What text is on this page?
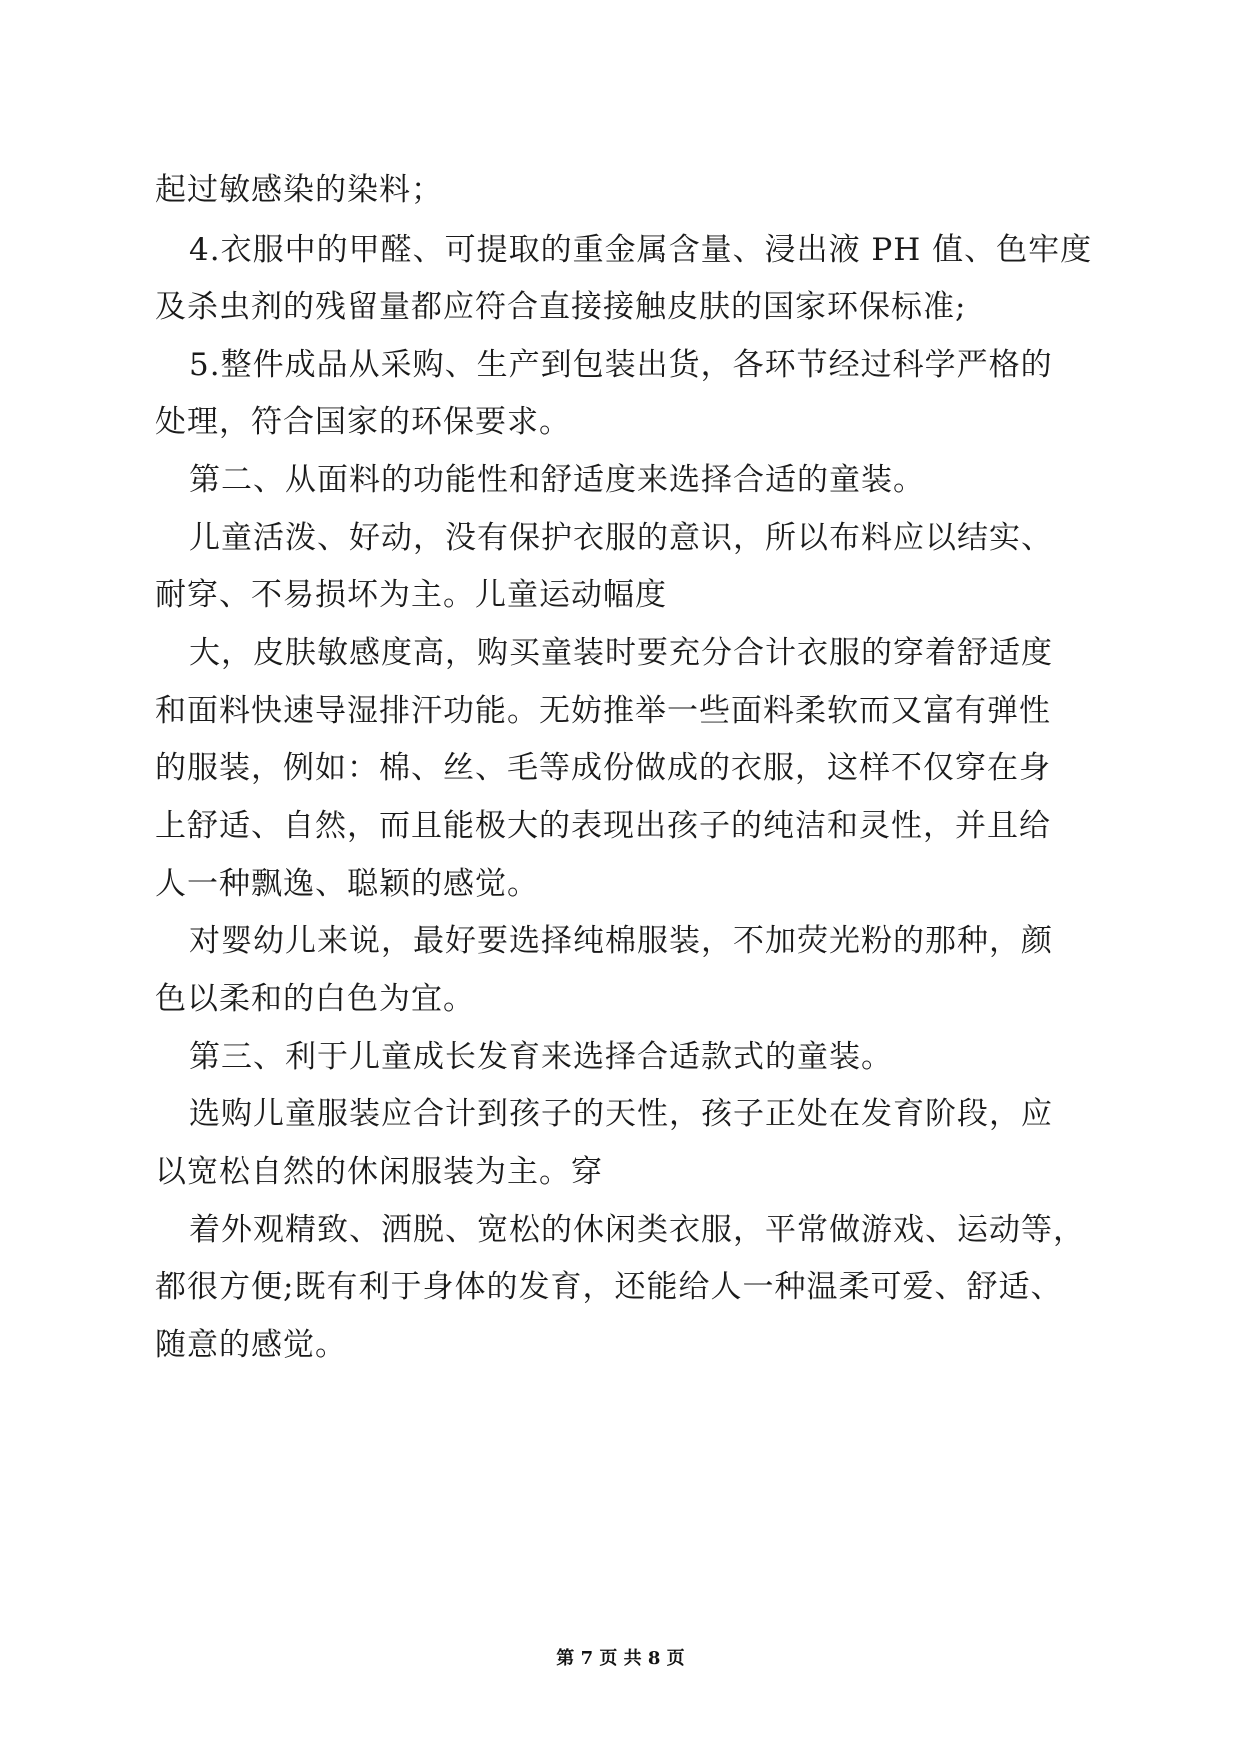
起过敏感染的染料；
4.衣服中的甲醛、可提取的重金属含量、浸出液 PH 值、色牢度
及杀虫剂的残留量都应符合直接接触皮肤的国家环保标准;
5.整件成品从采购、生产到包装出货，各环节经过科学严格的
处理，符合国家的环保要求。
第二、从面料的功能性和舒适度来选择合适的童装。
儿童活泼、好动，没有保护衣服的意识，所以布料应以结实、
耐穿、不易损坏为主。儿童运动幅度
大，皮肤敏感度高，购买童装时要充分合计衣服的穿着舒适度
和面料快速导湿排汗功能。无妨推举一些面料柔软而又富有弹性
的服装，例如：棉、丝、毛等成份做成的衣服，这样不仅穿在身
上舒适、自然，而且能极大的表现出孩子的纯洁和灵性，并且给
人一种飘逸、聪颖的感觉。
对婴幼儿来说，最好要选择纯棉服装，不加荧光粉的那种，颜
色以柔和的白色为宜。
第三、利于儿童成长发育来选择合适款式的童装。
选购儿童服装应合计到孩子的天性，孩子正处在发育阶段，应
以宽松自然的休闲服装为主。穿
着外观精致、洒脱、宽松的休闲类衣服，平常做游戏、运动等，
都很方便;既有利于身体的发育，还能给人一种温柔可爱、舒适、
随意的感觉。
第 7 页 共 8 页
